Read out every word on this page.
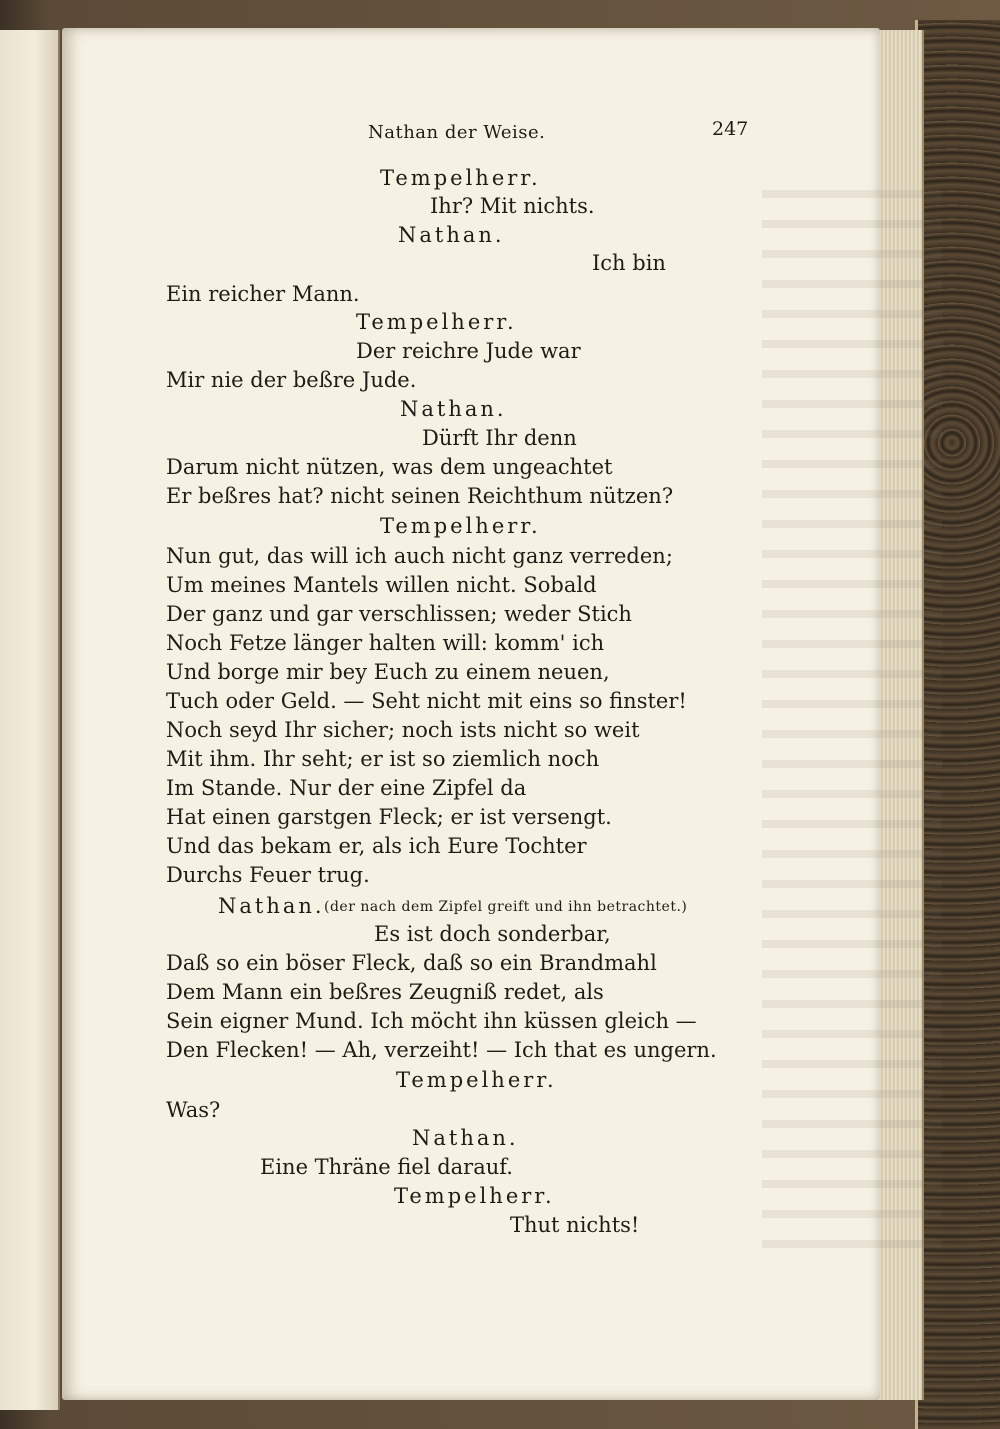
Nathan der Weise.	247
Tempelherr.
Ihr? Mit nichts.
Nathan.
Ich bin
Ein reicher Mann.
Tempelherr.
Der reichre Jude war
Mir nie der beßre Jude.
Nathan.
Dürft Ihr denn
Darum nicht nützen, was dem ungeachtet
Er beßres hat? nicht seinen Reichthum nützen?
Tempelherr.
Nun gut, das will ich auch nicht ganz verreden;
Um meines Mantels willen nicht. Sobald
Der ganz und gar verschlissen; weder Stich
Noch Fetze länger halten will: komm' ich
Und borge mir bey Euch zu einem neuen,
Tuch oder Geld. — Seht nicht mit eins so finster!
Noch seyd Ihr sicher; noch ists nicht so weit
Mit ihm. Ihr seht; er ist so ziemlich noch
Im Stande. Nur der eine Zipfel da
Hat einen garstgen Fleck; er ist versengt.
Und das bekam er, als ich Eure Tochter
Durchs Feuer trug.
Nathan. (der nach dem Zipfel greift und ihn betrachtet.)
Es ist doch sonderbar,
Daß so ein böser Fleck, daß so ein Brandmahl
Dem Mann ein beßres Zeugniß redet, als
Sein eigner Mund. Ich möcht ihn küssen gleich —
Den Flecken! — Ah, verzeiht! — Ich that es ungern.
Tempelherr.
Was?
Nathan.
Eine Thräne fiel darauf.
Tempelherr.
Thut nichts!
